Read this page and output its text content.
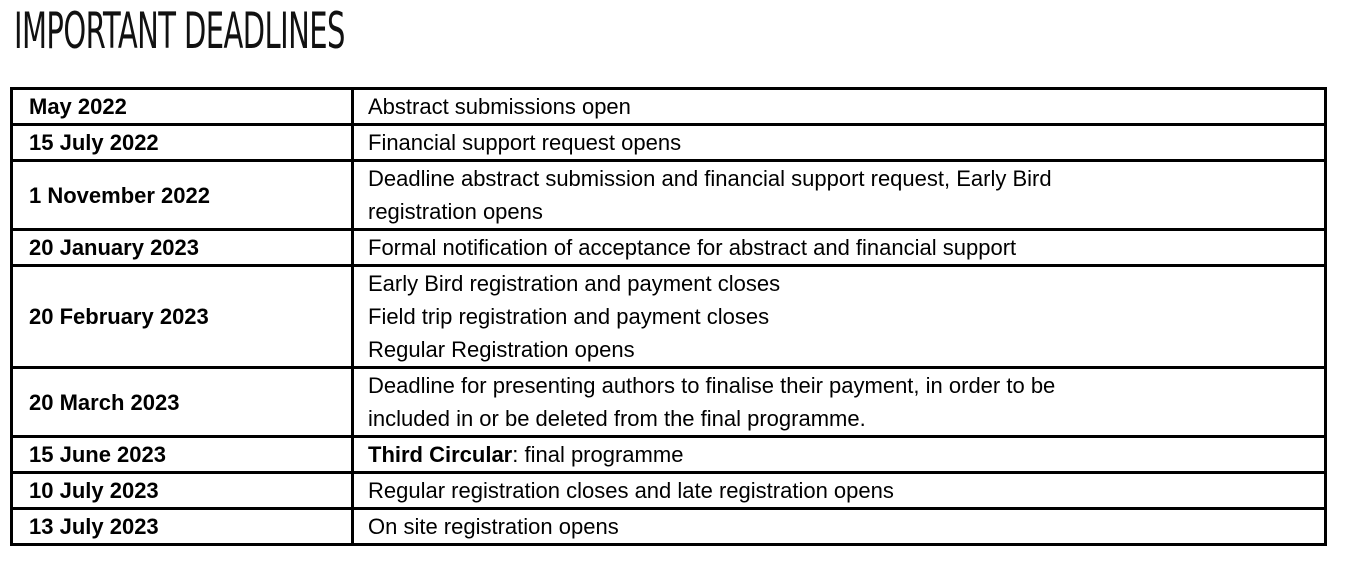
IMPORTANT DEADLINES
May 2022	Abstract submissions open

15 July 2022	Financial support request opens

1 November 2022	Deadline abstract submission and financial support request, Early Bird
registration opens

20 January 2023	Formal notification of acceptance for abstract and financial support

20 February 2023	Early Bird registration and payment closes
Field trip registration and payment closes
Regular Registration opens

20 March 2023	Deadline for presenting authors to finalise their payment, in order to be
included in or be deleted from the final programme.

15 June 2023	Third Circular: final programme
10 July 2023	Regular registration closes and late registration opens

13 July 2023	On site registration opens
